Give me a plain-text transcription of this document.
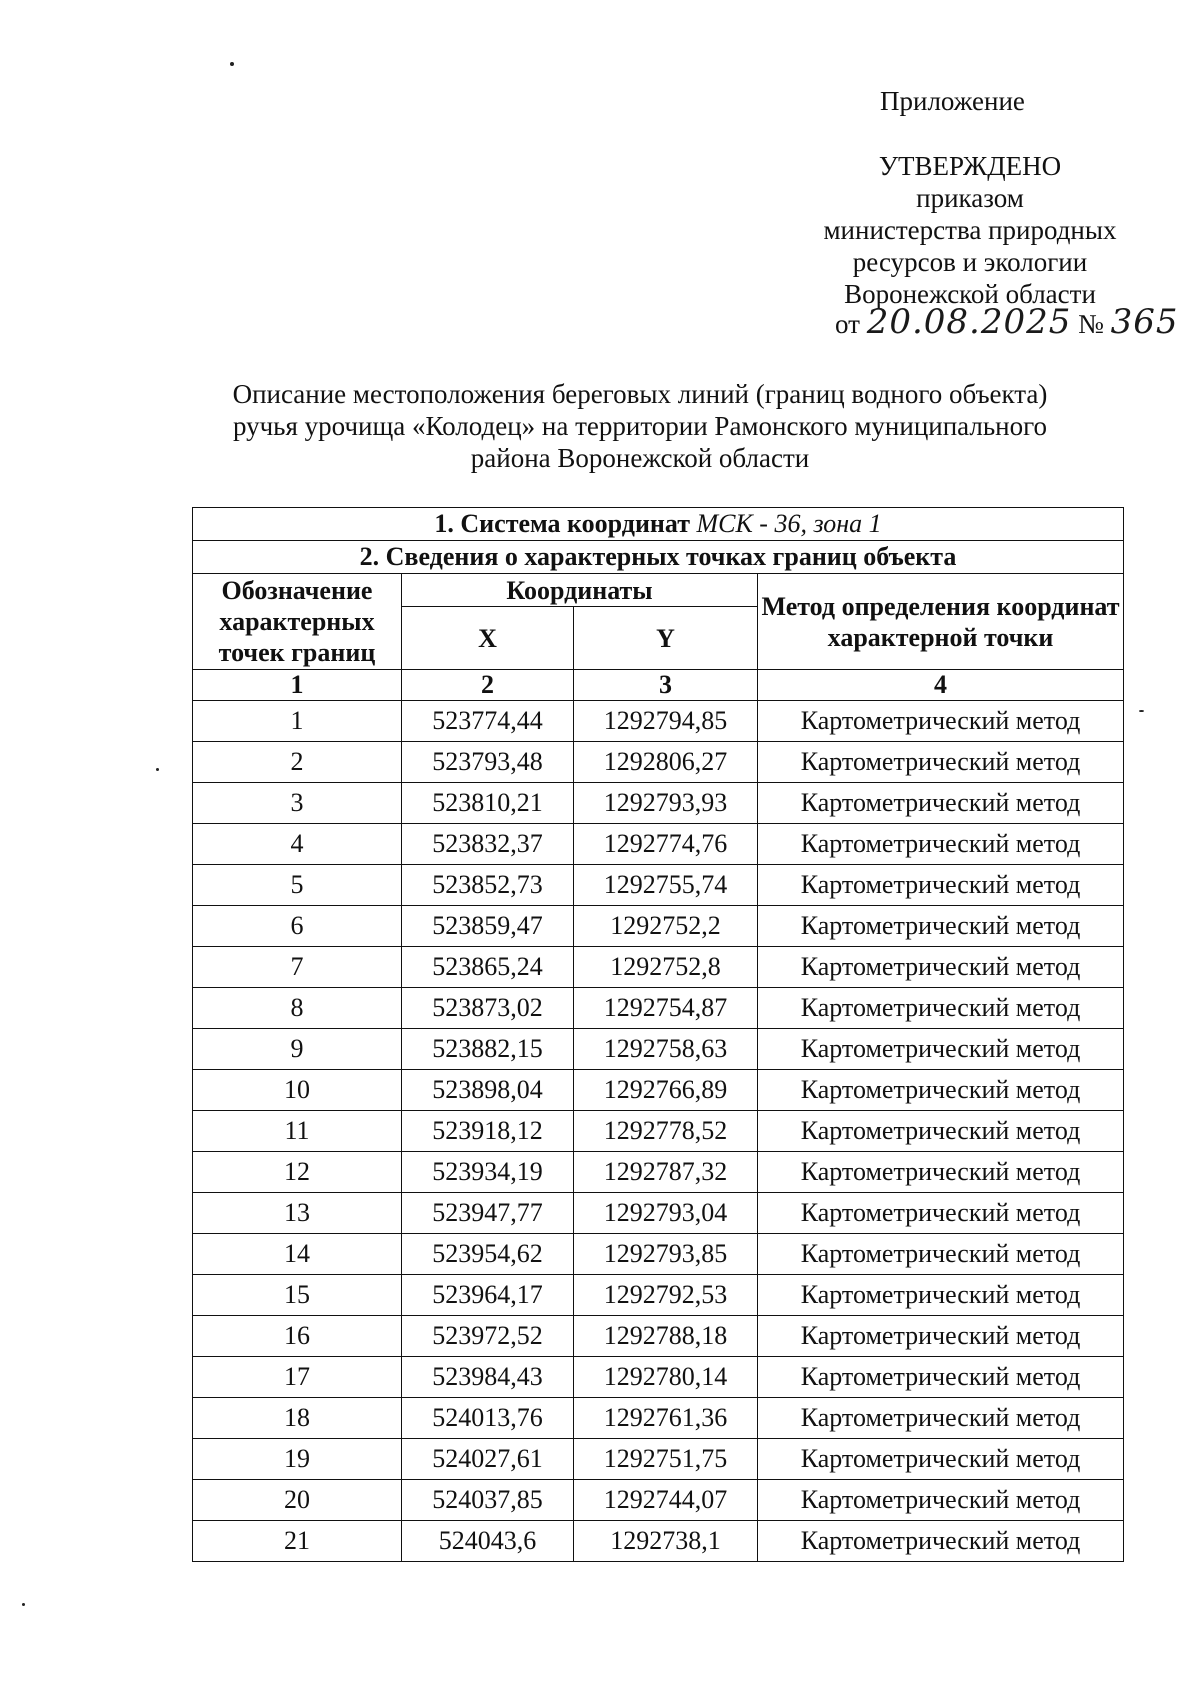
Приложение
УТВЕРЖДЕНО
приказом
министерства природных
ресурсов и экологии
Воронежской области
от 20.08.2025 № 365
Описание местоположения береговых линий (границ водного объекта)
ручья урочища «Колодец» на территории Рамонского муниципального
района Воронежской области
1. Система координат МСК - 36, зона 1			
2. Сведения о характерных точках границ объекта			
Обозначение характерных точек границ	Координаты		Метод определения координат характерной точки
	X	Y	
1	2	3	4
1	523774,44	1292794,85	Картометрический метод
2	523793,48	1292806,27	Картометрический метод
3	523810,21	1292793,93	Картометрический метод
4	523832,37	1292774,76	Картометрический метод
5	523852,73	1292755,74	Картометрический метод
6	523859,47	1292752,2	Картометрический метод
7	523865,24	1292752,8	Картометрический метод
8	523873,02	1292754,87	Картометрический метод
9	523882,15	1292758,63	Картометрический метод
10	523898,04	1292766,89	Картометрический метод
11	523918,12	1292778,52	Картометрический метод
12	523934,19	1292787,32	Картометрический метод
13	523947,77	1292793,04	Картометрический метод
14	523954,62	1292793,85	Картометрический метод
15	523964,17	1292792,53	Картометрический метод
16	523972,52	1292788,18	Картометрический метод
17	523984,43	1292780,14	Картометрический метод
18	524013,76	1292761,36	Картометрический метод
19	524027,61	1292751,75	Картометрический метод
20	524037,85	1292744,07	Картометрический метод
21	524043,6	1292738,1	Картометрический метод
